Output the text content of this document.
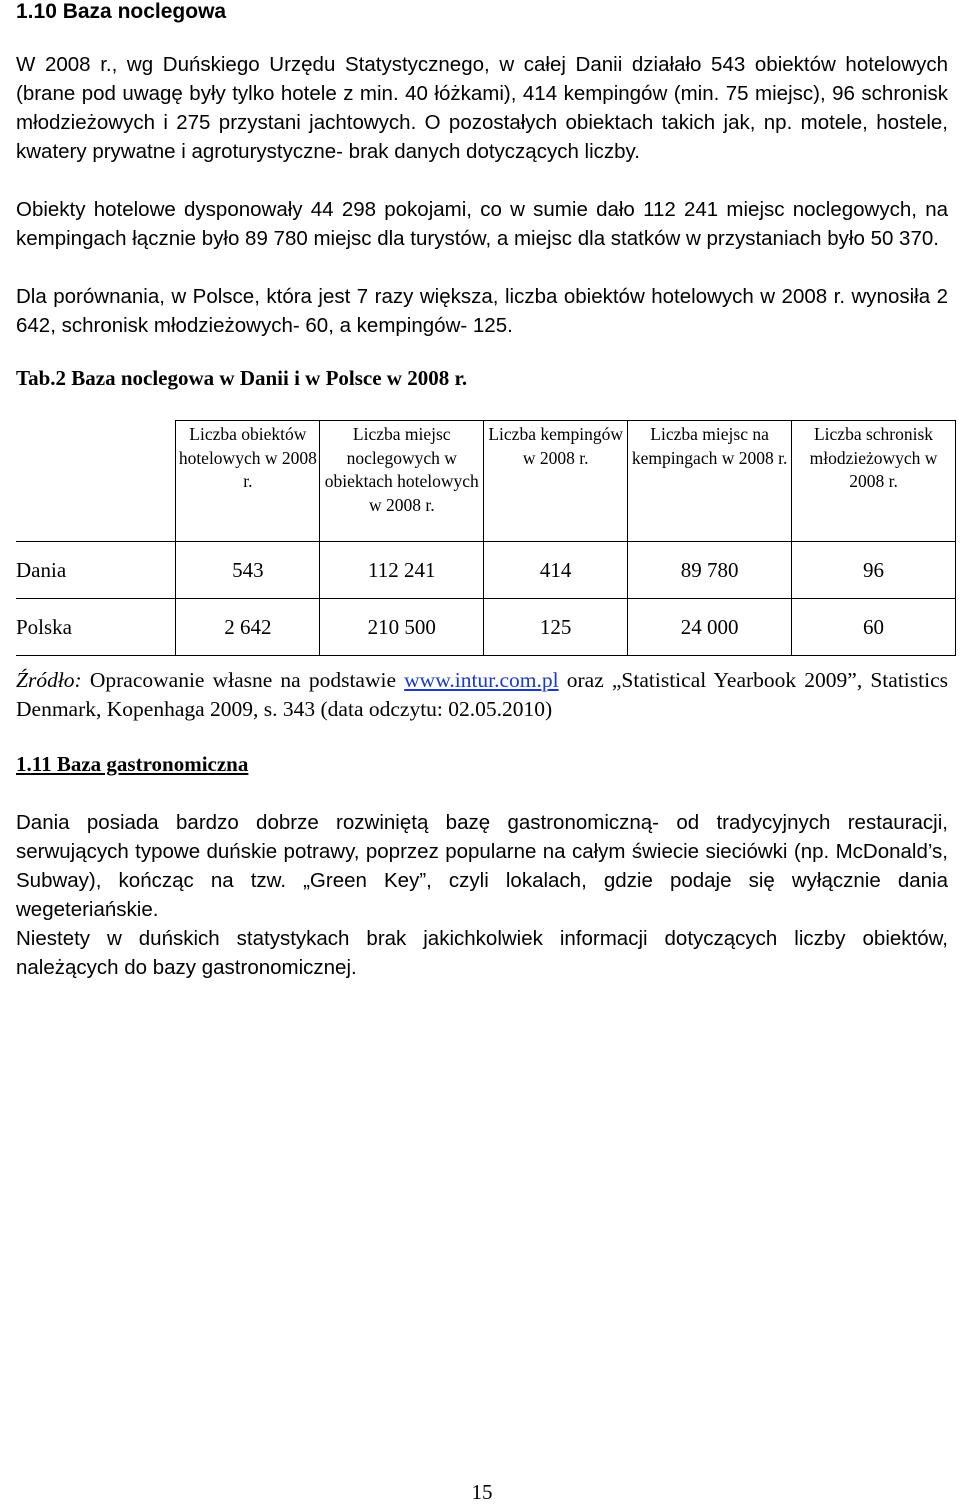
1.10 Baza noclegowa
W 2008 r., wg Duńskiego Urzędu Statystycznego, w całej Danii działało 543 obiektów hotelowych (brane pod uwagę były tylko hotele z min. 40 łóżkami), 414 kempingów (min. 75 miejsc), 96 schronisk młodzieżowych i 275 przystani jachtowych. O pozostałych obiektach takich jak, np. motele, hostele, kwatery prywatne i agroturystyczne- brak danych dotyczących liczby.
Obiekty hotelowe dysponowały 44 298 pokojami, co w sumie dało 112 241 miejsc noclegowych, na kempingach łącznie było 89 780 miejsc dla turystów, a miejsc dla statków w przystaniach było 50 370.
Dla porównania, w Polsce, która jest 7 razy większa, liczba obiektów hotelowych w 2008 r. wynosiła 2 642, schronisk młodzieżowych- 60, a kempingów- 125.
Tab.2 Baza noclegowa w Danii i w Polsce w 2008 r.
	Liczba obiektów hotelowych w 2008 r.	Liczba miejsc noclegowych w obiektach hotelowych w 2008 r.	Liczba kempingów w 2008 r.	Liczba miejsc na kempingach w 2008 r.	Liczba schronisk młodzieżowych w 2008 r.
Dania	543	112 241	414	89 780	96
Polska	2 642	210 500	125	24 000	60
Źródło: Opracowanie własne na podstawie www.intur.com.pl oraz „Statistical Yearbook 2009”, Statistics Denmark, Kopenhaga 2009, s. 343 (data odczytu: 02.05.2010)
1.11 Baza gastronomiczna
Dania posiada bardzo dobrze rozwiniętą bazę gastronomiczną- od tradycyjnych restauracji, serwujących typowe duńskie potrawy, poprzez popularne na całym świecie sieciówki (np. McDonald’s, Subway), kończąc na tzw. „Green Key”, czyli lokalach, gdzie podaje się wyłącznie dania wegeteriańskie.
Niestety w duńskich statystykach brak jakichkolwiek informacji dotyczących liczby obiektów, należących do bazy gastronomicznej.
15
